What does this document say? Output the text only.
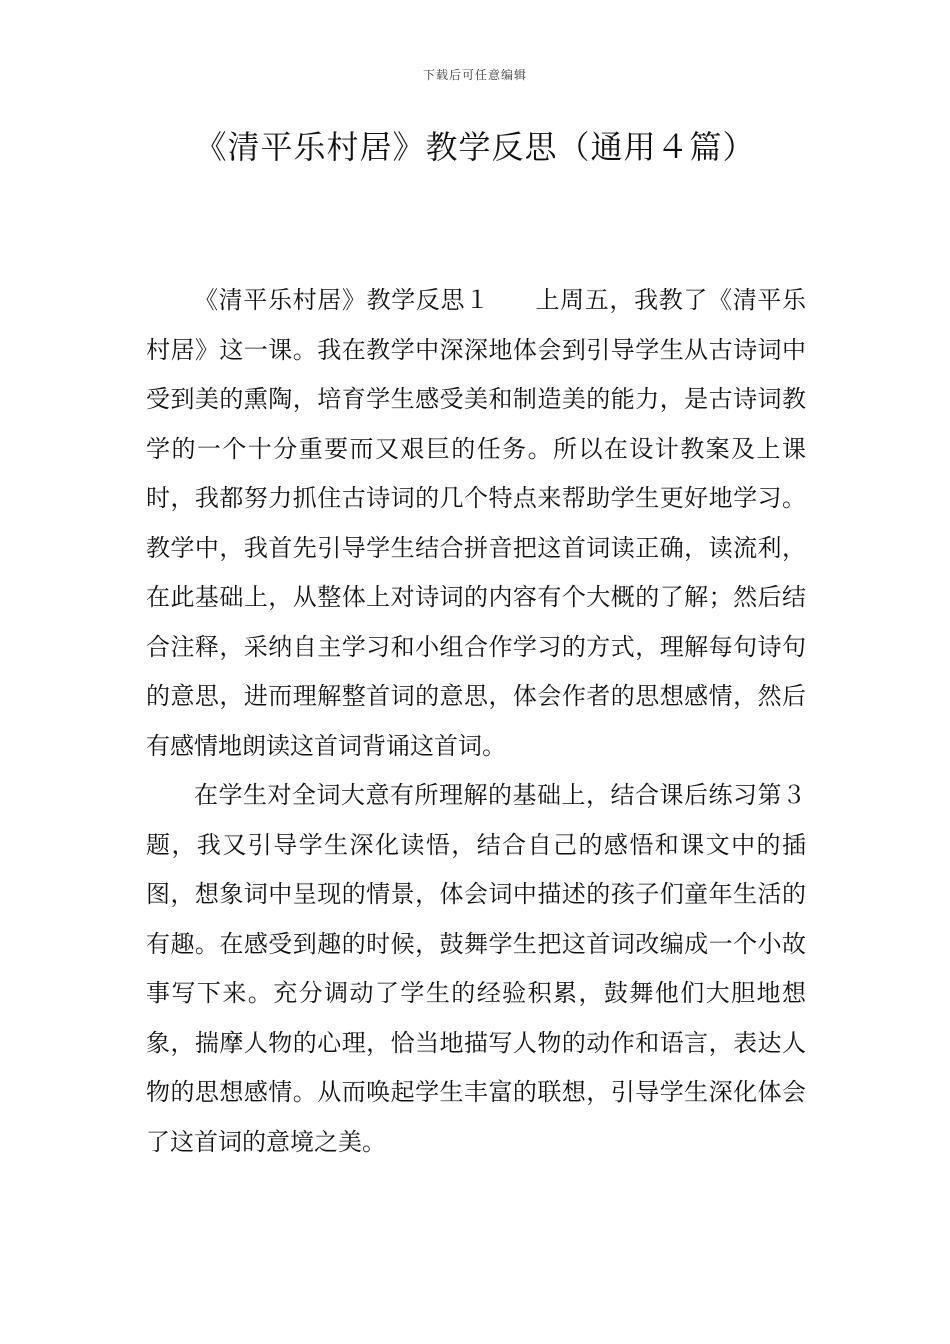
下载后可任意编辑
《清平乐村居》教学反思（通用４篇）

《清平乐村居》教学反思１ 上周五，我教了《清平乐村居》这一课。我在教学中深深地体会到引导学生从古诗词中受到美的熏陶，培育学生感受美和制造美的能力，是古诗词教学的一个十分重要而又艰巨的任务。所以在设计教案及上课时，我都努力抓住古诗词的几个特点来帮助学生更好地学习。教学中，我首先引导学生结合拼音把这首词读正确，读流利，在此基础上，从整体上对诗词的内容有个大概的了解；然后结合注释，采纳自主学习和小组合作学习的方式，理解每句诗句的意思，进而理解整首词的意思，体会作者的思想感情，然后有感情地朗读这首词背诵这首词。

在学生对全词大意有所理解的基础上，结合课后练习第３题，我又引导学生深化读悟，结合自己的感悟和课文中的插图，想象词中呈现的情景，体会词中描述的孩子们童年生活的有趣。在感受到趣的时候，鼓舞学生把这首词改编成一个小故事写下来。充分调动了学生的经验积累，鼓舞他们大胆地想象，揣摩人物的心理，恰当地描写人物的动作和语言，表达人物的思想感情。从而唤起学生丰富的联想，引导学生深化体会了这首词的意境之美。
